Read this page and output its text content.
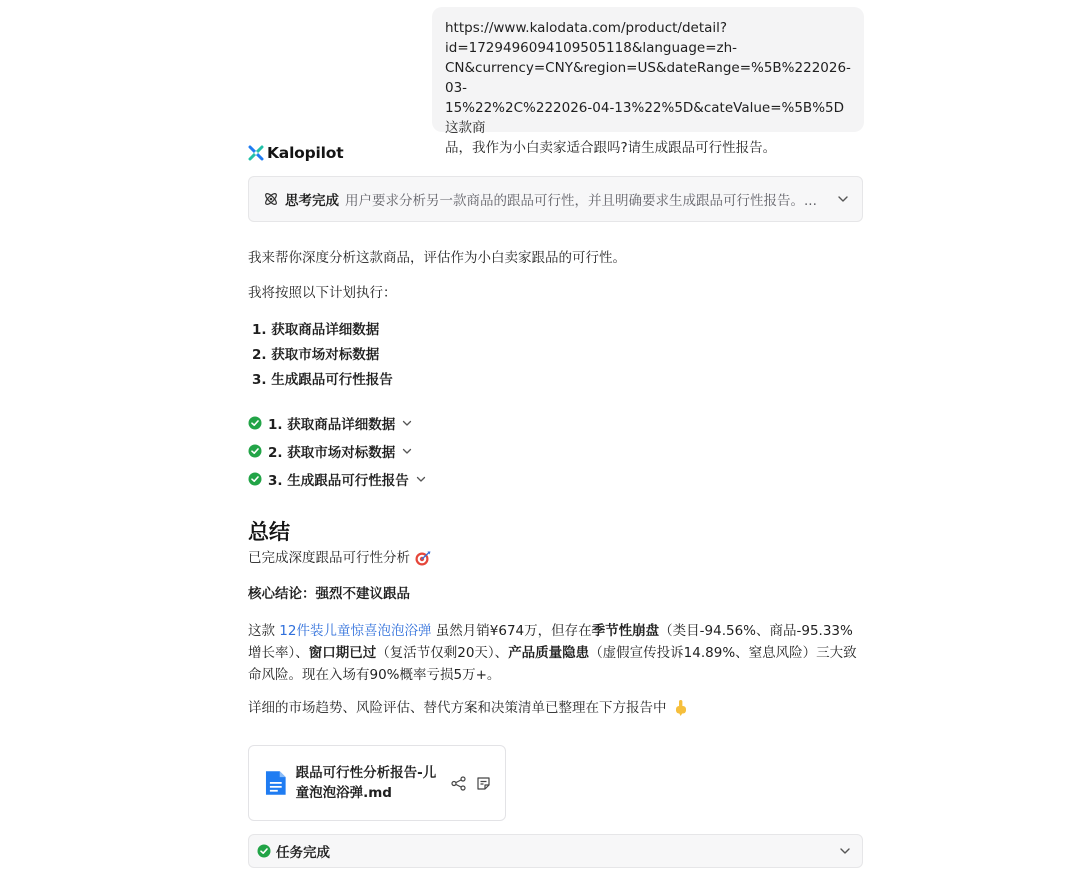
https://www.kalodata.com/product/detail?
id=1729496094109505118&language=zh-
CN&currency=CNY&region=US&dateRange=%5B%222026-03-
15%22%2C%222026-04-13%22%5D&cateValue=%5B%5D这款商
品，我作为小白卖家适合跟吗?请生成跟品可行性报告。
Kalopilot
思考完成 用户要求分析另一款商品的跟品可行性，并且明确要求生成跟品可行性报告。...
我来帮你深度分析这款商品，评估作为小白卖家跟品的可行性。
我将按照以下计划执行：
1. 获取商品详细数据
2. 获取市场对标数据
3. 生成跟品可行性报告
1. 获取商品详细数据
2. 获取市场对标数据
3. 生成跟品可行性报告
总结
已完成深度跟品可行性分析
核心结论：强烈不建议跟品
这款 12件装儿童惊喜泡泡浴弹 虽然月销¥674万，但存在季节性崩盘（类目-94.56%、商品-95.33%增长率）、窗口期已过（复活节仅剩20天）、产品质量隐患（虚假宣传投诉14.89%、窒息风险）三大致命风险。现在入场有90%概率亏损5万+。
详细的市场趋势、风险评估、替代方案和决策清单已整理在下方报告中
跟品可行性分析报告-儿童泡泡浴弹.md
任务完成
